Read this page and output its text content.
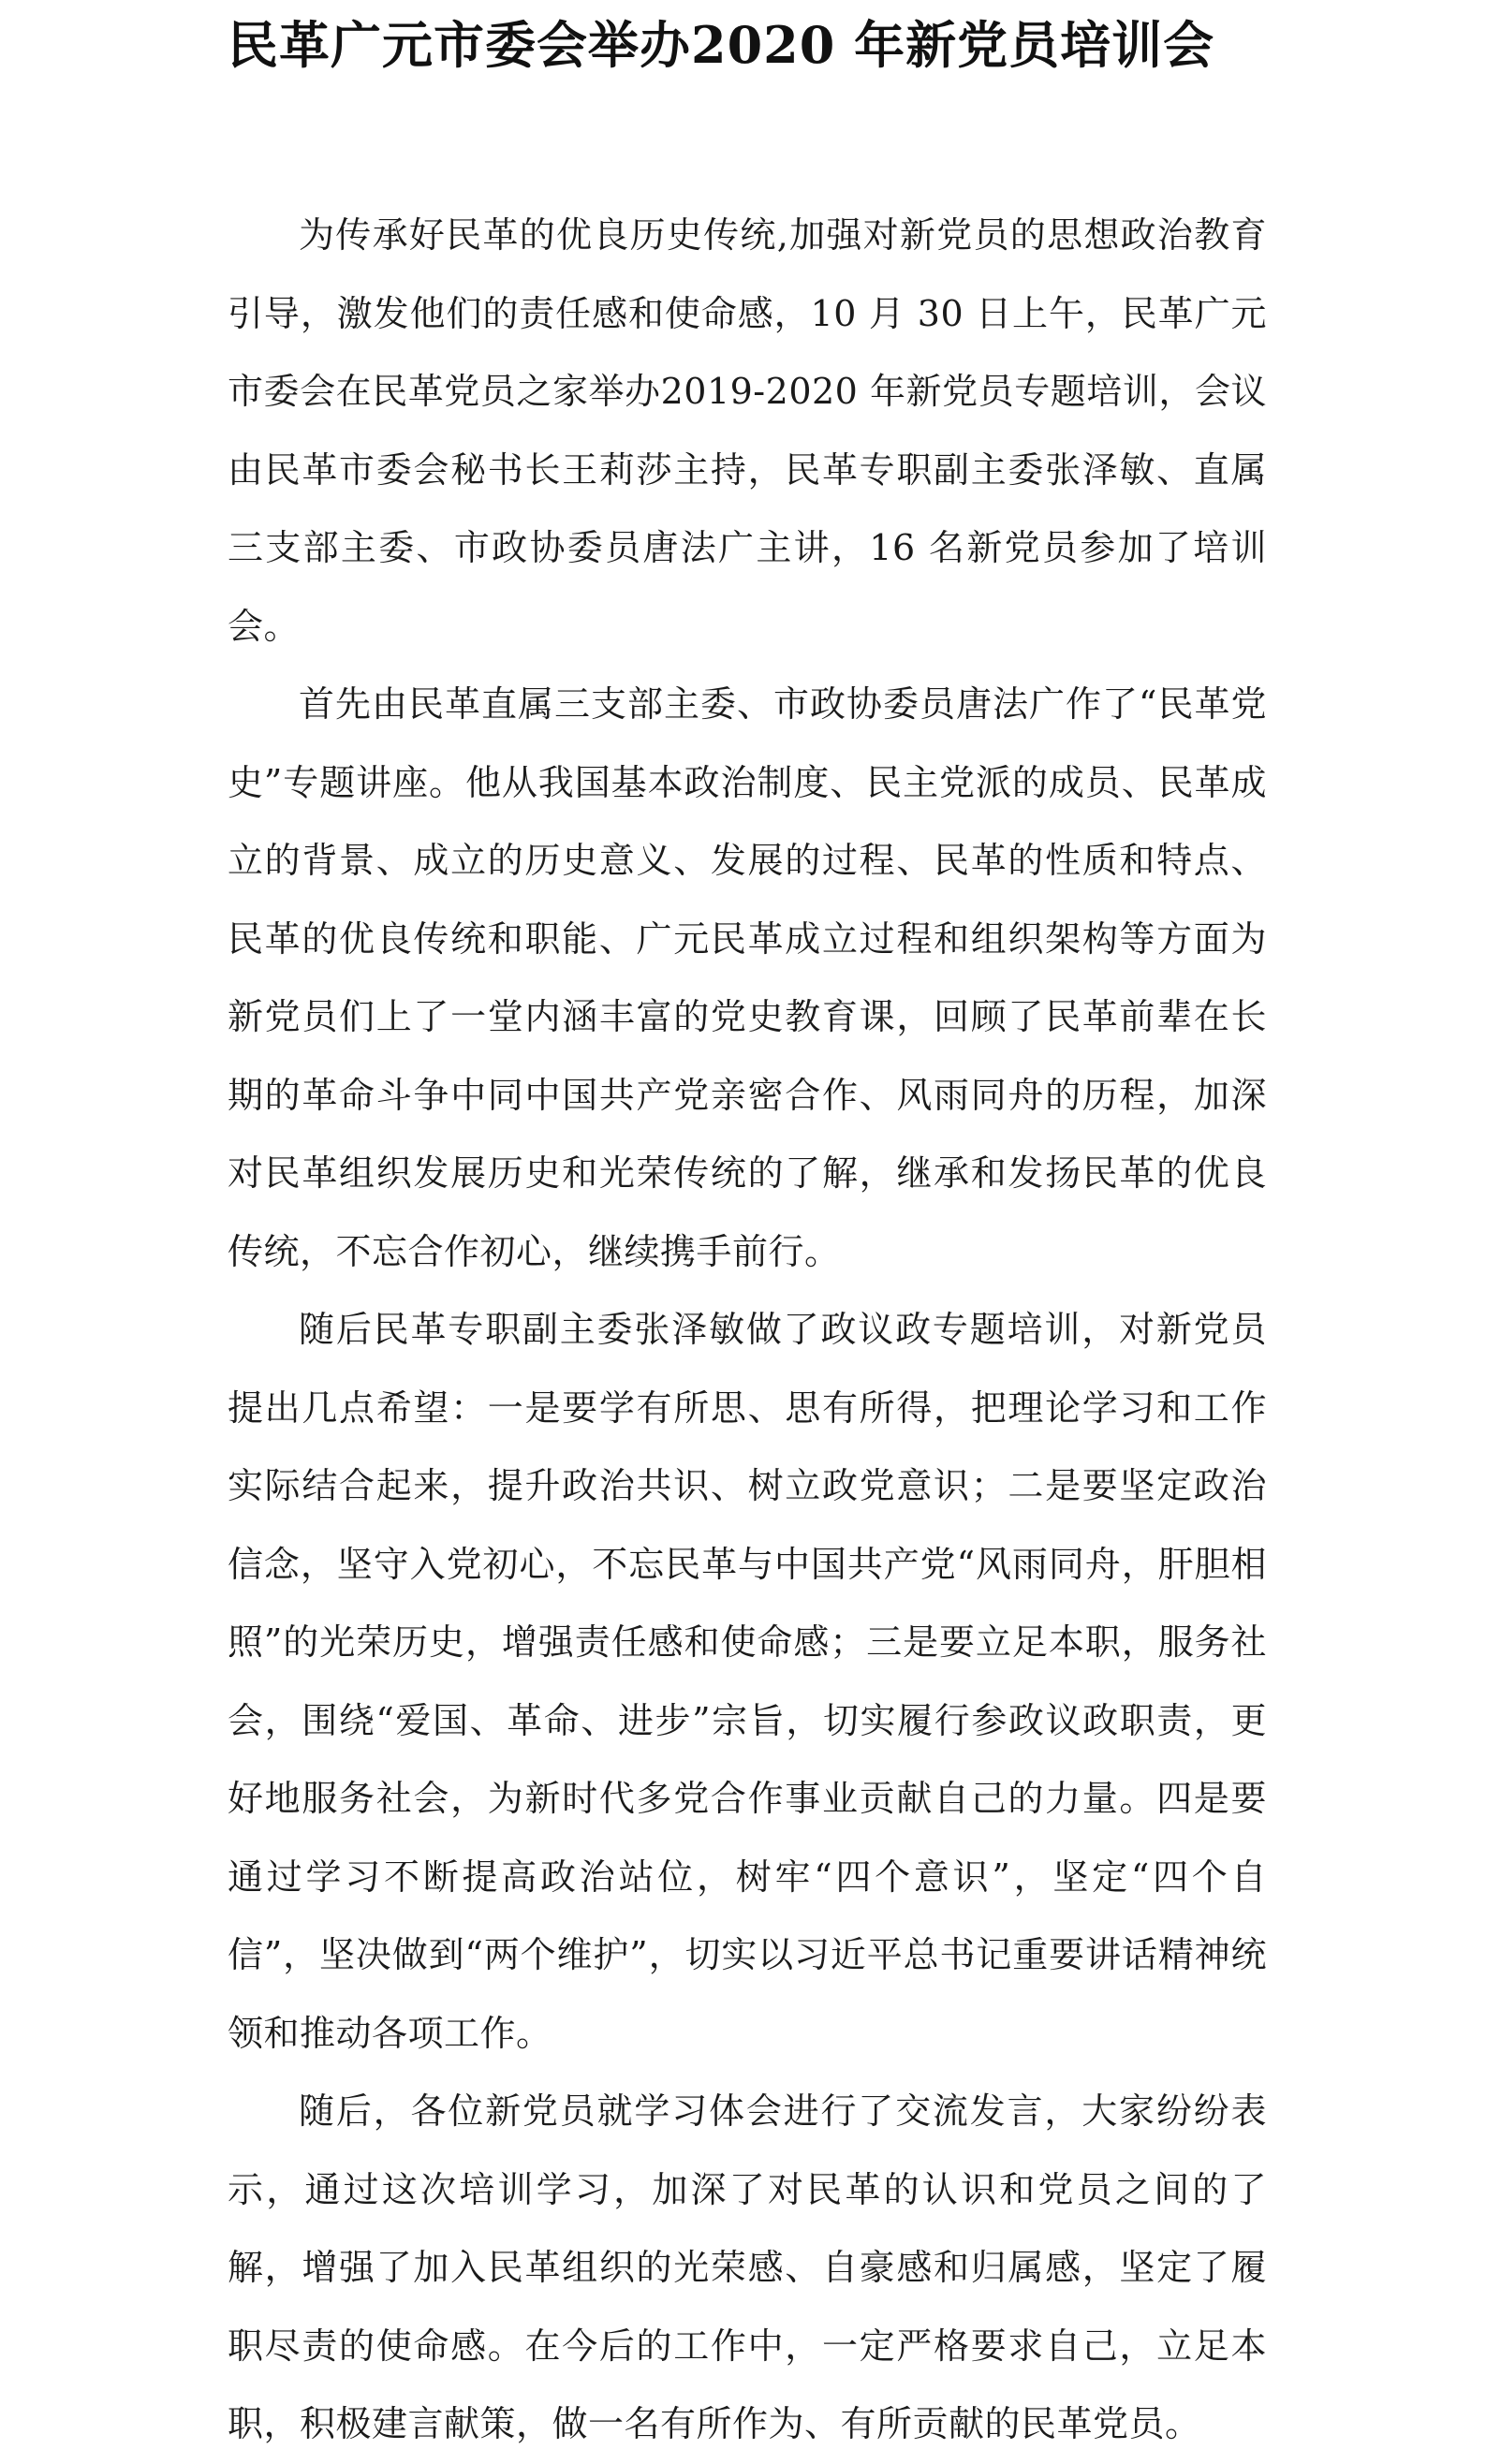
民革广元市委会举办2020 年新党员培训会

为传承好民革的优良历史传统,加强对新党员的思想政治教育引导，激发他们的责任感和使命感，10 月 30 日上午，民革广元市委会在民革党员之家举办2019-2020 年新党员专题培训，会议由民革市委会秘书长王莉莎主持，民革专职副主委张泽敏、直属三支部主委、市政协委员唐法广主讲，16 名新党员参加了培训会。

首先由民革直属三支部主委、市政协委员唐法广作了“民革党史”专题讲座。他从我国基本政治制度、民主党派的成员、民革成立的背景、成立的历史意义、发展的过程、民革的性质和特点、民革的优良传统和职能、广元民革成立过程和组织架构等方面为新党员们上了一堂内涵丰富的党史教育课，回顾了民革前辈在长期的革命斗争中同中国共产党亲密合作、风雨同舟的历程，加深对民革组织发展历史和光荣传统的了解，继承和发扬民革的优良传统，不忘合作初心，继续携手前行。

随后民革专职副主委张泽敏做了政议政专题培训，对新党员提出几点希望：一是要学有所思、思有所得，把理论学习和工作实际结合起来，提升政治共识、树立政党意识；二是要坚定政治信念，坚守入党初心，不忘民革与中国共产党“风雨同舟，肝胆相照”的光荣历史，增强责任感和使命感；三是要立足本职，服务社会，围绕“爱国、革命、进步”宗旨，切实履行参政议政职责，更好地服务社会，为新时代多党合作事业贡献自己的力量。四是要通过学习不断提高政治站位，树牢“四个意识”，坚定“四个自信”，坚决做到“两个维护”，切实以习近平总书记重要讲话精神统领和推动各项工作。

随后，各位新党员就学习体会进行了交流发言，大家纷纷表示，通过这次培训学习，加深了对民革的认识和党员之间的了解，增强了加入民革组织的光荣感、自豪感和归属感，坚定了履职尽责的使命感。在今后的工作中，一定严格要求自己，立足本职，积极建言献策，做一名有所作为、有所贡献的民革党员。
